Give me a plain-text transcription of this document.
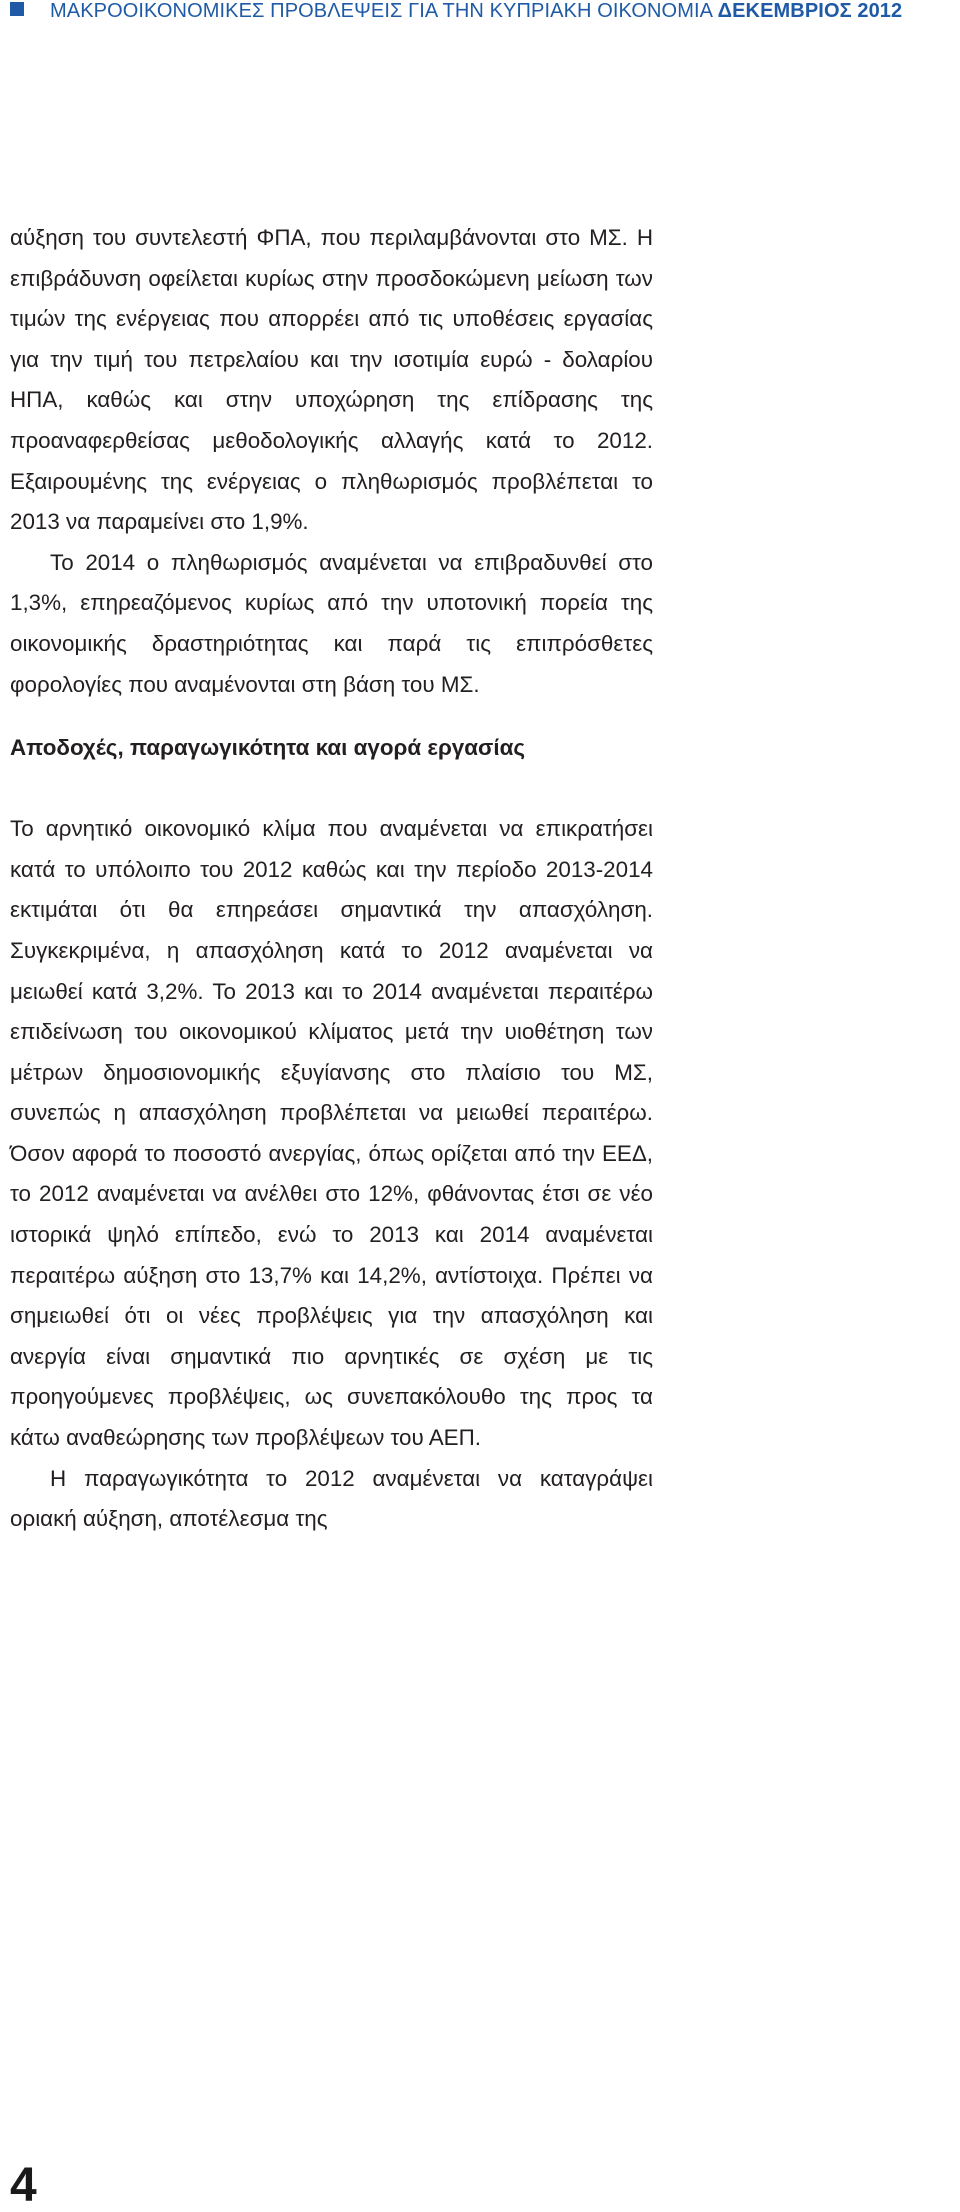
ΜΑΚΡΟΟΙΚΟΝΟΜΙΚΕΣ ΠΡΟΒΛΕΨΕΙΣ ΓΙΑ ΤΗΝ ΚΥΠΡΙΑΚΗ ΟΙΚΟΝΟΜΙΑ ΔΕΚΕΜΒΡΙΟΣ 2012

αύξηση του συντελεστή ΦΠΑ, που περιλαμβάνονται στο ΜΣ. Η επιβράδυνση οφείλεται κυρίως στην προσδοκώμενη μείωση των τιμών της ενέργειας που απορρέει από τις υποθέσεις εργασίας για την τιμή του πετρελαίου και την ισοτιμία ευρώ - δολαρίου ΗΠΑ, καθώς και στην υποχώρηση της επίδρασης της προαναφερθείσας μεθοδολογικής αλλαγής κατά το 2012. Εξαιρουμένης της ενέργειας ο πληθωρισμός προβλέπεται το 2013 να παραμείνει στο 1,9%.

Το 2014 ο πληθωρισμός αναμένεται να επιβραδυνθεί στο 1,3%, επηρεαζόμενος κυρίως από την υποτονική πορεία της οικονομικής δραστηριότητας και παρά τις επιπρόσθετες φορολογίες που αναμένονται στη βάση του ΜΣ.

Αποδοχές, παραγωγικότητα και αγορά εργασίας

Το αρνητικό οικονομικό κλίμα που αναμένεται να επικρατήσει κατά το υπόλοιπο του 2012 καθώς και την περίοδο 2013-2014 εκτιμάται ότι θα επηρεάσει σημαντικά την απασχόληση. Συγκεκριμένα, η απασχόληση κατά το 2012 αναμένεται να μειωθεί κατά 3,2%. Το 2013 και το 2014 αναμένεται περαιτέρω επιδείνωση του οικονομικού κλίματος μετά την υιοθέτηση των μέτρων δημοσιονομικής εξυγίανσης στο πλαίσιο του ΜΣ, συνεπώς η απασχόληση προβλέπεται να μειωθεί περαιτέρω. Όσον αφορά το ποσοστό ανεργίας, όπως ορίζεται από την ΕΕΔ, το 2012 αναμένεται να ανέλθει στο 12%, φθάνοντας έτσι σε νέο ιστορικά ψηλό επίπεδο, ενώ το 2013 και 2014 αναμένεται περαιτέρω αύξηση στο 13,7% και 14,2%, αντίστοιχα. Πρέπει να σημειωθεί ότι οι νέες προβλέψεις για την απασχόληση και ανεργία είναι σημαντικά πιο αρνητικές σε σχέση με τις προηγούμενες προβλέψεις, ως συνεπακόλουθο της προς τα κάτω αναθεώρησης των προβλέψεων του ΑΕΠ.

Η παραγωγικότητα το 2012 αναμένεται να καταγράψει οριακή αύξηση, αποτέλεσμα της

4
